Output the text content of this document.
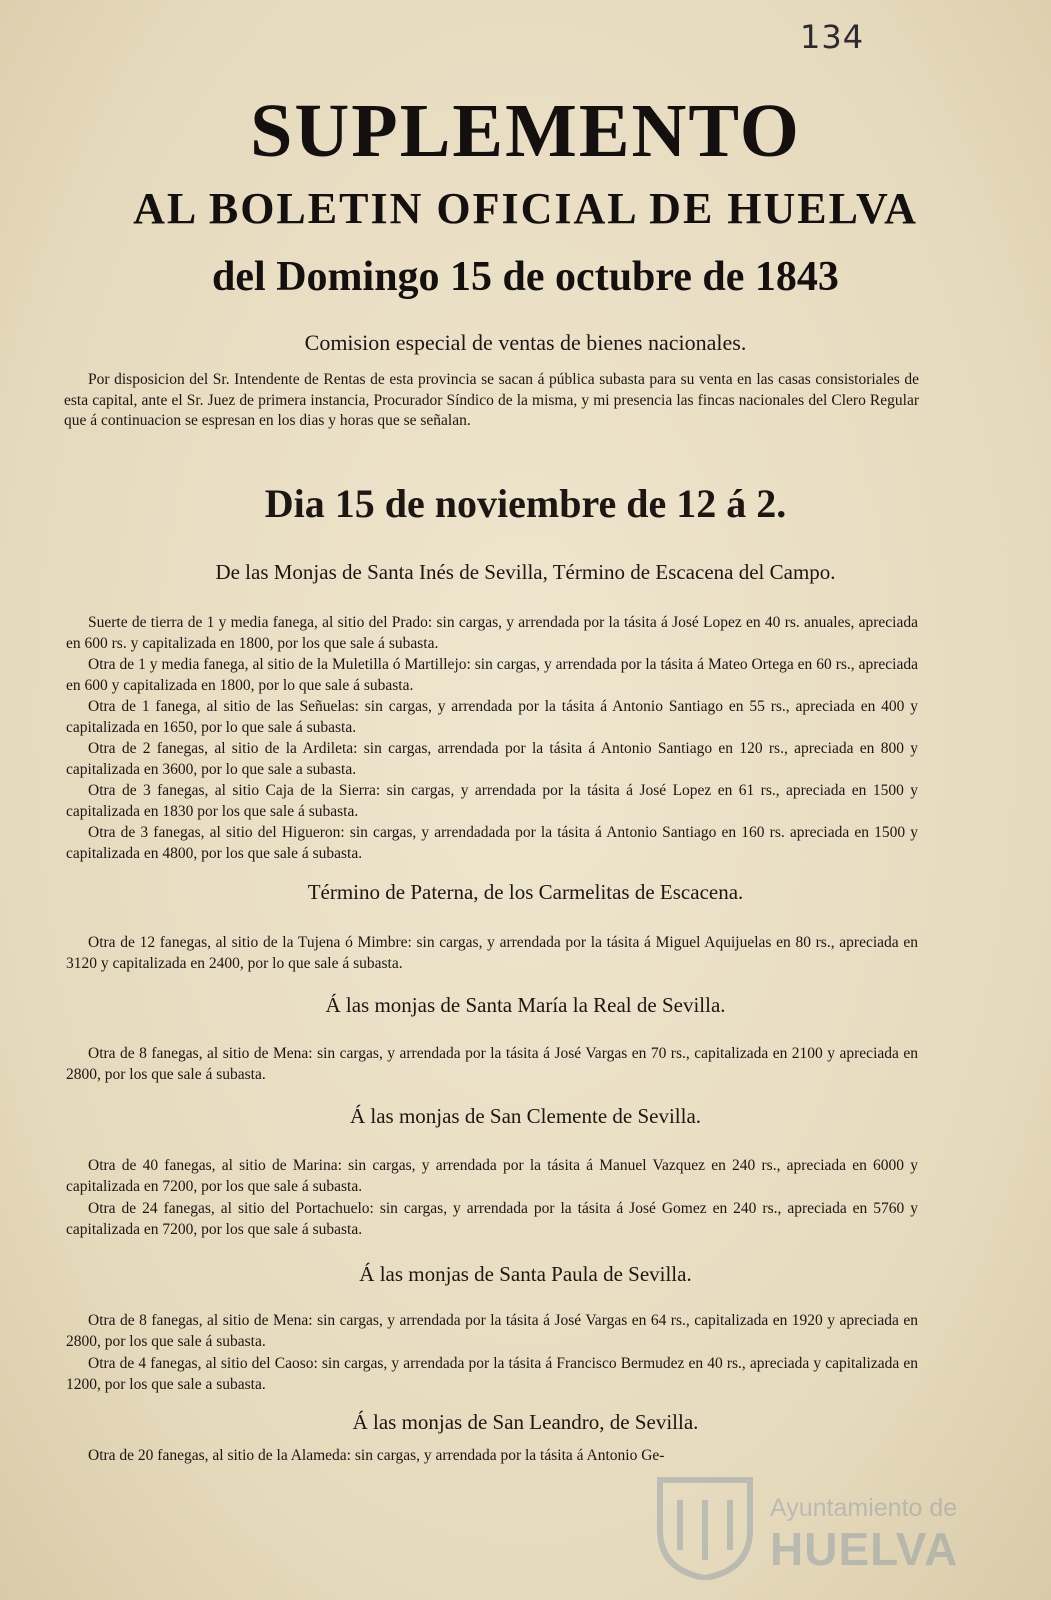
134
SUPLEMENTO
AL BOLETIN OFICIAL DE HUELVA
del Domingo 15 de octubre de 1843
Comision especial de ventas de bienes nacionales.
Por disposicion del Sr. Intendente de Rentas de esta provincia se sacan á pública subasta para su venta en las casas consistoriales de esta capital, ante el Sr. Juez de primera instancia, Procurador Síndico de la misma, y mi presencia las fincas nacionales del Clero Regular que á continuacion se espresan en los dias y horas que se señalan.
Dia 15 de noviembre de 12 á 2.
De las Monjas de Santa Inés de Sevilla, Término de Escacena del Campo.
Suerte de tierra de 1 y media fanega, al sitio del Prado: sin cargas, y arrendada por la tásita á José Lopez en 40 rs. anuales, apreciada en 600 rs. y capitalizada en 1800, por los que sale á subasta.
Otra de 1 y media fanega, al sitio de la Muletilla ó Martillejo: sin cargas, y arrendada por la tásita á Mateo Ortega en 60 rs., apreciada en 600 y capitalizada en 1800, por lo que sale á subasta.
Otra de 1 fanega, al sitio de las Señuelas: sin cargas, y arrendada por la tásita á Antonio Santiago en 55 rs., apreciada en 400 y capitalizada en 1650, por lo que sale á subasta.
Otra de 2 fanegas, al sitio de la Ardileta: sin cargas, arrendada por la tásita á Antonio Santiago en 120 rs., apreciada en 800 y capitalizada en 3600, por lo que sale a subasta.
Otra de 3 fanegas, al sitio Caja de la Sierra: sin cargas, y arrendada por la tásita á José Lopez en 61 rs., apreciada en 1500 y capitalizada en 1830 por los que sale á subasta.
Otra de 3 fanegas, al sitio del Higueron: sin cargas, y arrendadada por la tásita á Antonio Santiago en 160 rs. apreciada en 1500 y capitalizada en 4800, por los que sale á subasta.
Término de Paterna, de los Carmelitas de Escacena.
Otra de 12 fanegas, al sitio de la Tujena ó Mimbre: sin cargas, y arrendada por la tásita á Miguel Aquijuelas en 80 rs., apreciada en 3120 y capitalizada en 2400, por lo que sale á subasta.
Á las monjas de Santa María la Real de Sevilla.
Otra de 8 fanegas, al sitio de Mena: sin cargas, y arrendada por la tásita á José Vargas en 70 rs., capitalizada en 2100 y apreciada en 2800, por los que sale á subasta.
Á las monjas de San Clemente de Sevilla.
Otra de 40 fanegas, al sitio de Marina: sin cargas, y arrendada por la tásita á Manuel Vazquez en 240 rs., apreciada en 6000 y capitalizada en 7200, por los que sale á subasta.
Otra de 24 fanegas, al sitio del Portachuelo: sin cargas, y arrendada por la tásita á José Gomez en 240 rs., apreciada en 5760 y capitalizada en 7200, por los que sale á subasta.
Á las monjas de Santa Paula de Sevilla.
Otra de 8 fanegas, al sitio de Mena: sin cargas, y arrendada por la tásita á José Vargas en 64 rs., capitalizada en 1920 y apreciada en 2800, por los que sale á subasta.
Otra de 4 fanegas, al sitio del Caoso: sin cargas, y arrendada por la tásita á Francisco Bermudez en 40 rs., apreciada y capitalizada en 1200, por los que sale a subasta.
Á las monjas de San Leandro, de Sevilla.
Otra de 20 fanegas, al sitio de la Alameda: sin cargas, y arrendada por la tásita á Antonio Ge-
Ayuntamiento de
HUELVA
